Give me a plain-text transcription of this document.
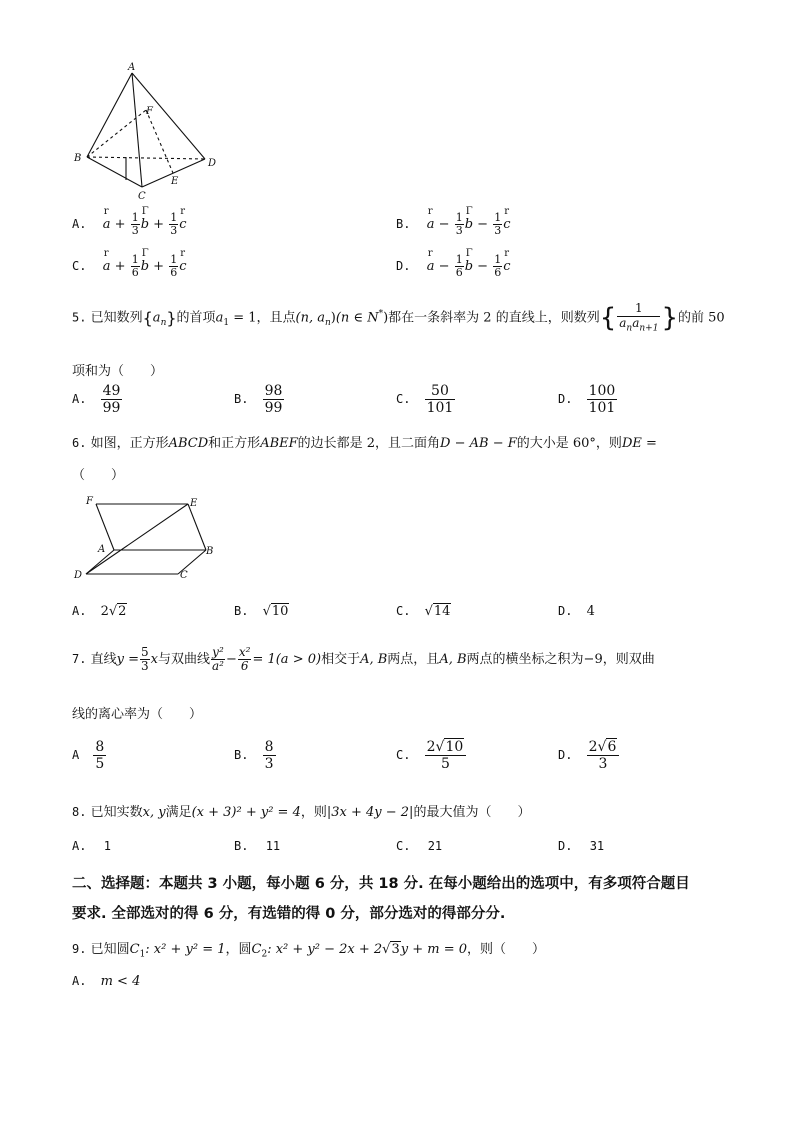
A
F
B	D
E
C
A. r $a + \frac{1}{3}$ Γ $b + \frac{1}{3}$ r c	B. r $a - \frac{1}{3}$ Γ $b - \frac{1}{3}$ r c
C. r $a + \frac{1}{6}$ Γ $b + \frac{1}{6}$ r c	D. r $a - \frac{1}{6}$ Γ $b - \frac{1}{6}$ r c
5. 已知数列$\{a_n\}$的首项$a_1 = 1$，且点(n, $a_n)(n$ ∈ N*)都在一条斜率为 2 的直线上，则数列{ $\frac{1}{a_na_{n+1}}$ }的前 50
项和为（　　）
A. $\frac{49}{99}$	B. $\frac{98}{99}$	C. $\frac{50}{101}$	D. $\frac{100}{101}$
6. 如图，正方形ABCD和正方形ABEF的边长都是 2，且二面角D − AB − F的大小是 60°，则DE =
（　　）
F	E
A	B
D	C
A. 2√2	B. √10	C. √14	D. 4
7. 直线$y = \frac{5}{3}$ x与双曲线 $\frac{\text{y²}}{\text{a²}} - \frac{\text{x²}}{6} = 1(a > 0)$相交于A, B两点，且A, B两点的横坐标之积为−9，则双曲
线的离心率为（　　）
A $\frac{8}{5}$	B. $\frac{8}{3}$	C. $\frac{2√10}{5}$	D. $\frac{2√6}{3}$
8. 已知实数x, y满足(x + 3)² + y² = 4，则|3x + 4y − 2|的最大值为（　　）
A. 1	B. 11	C. 21	D. 31
二、选择题：本题共 3 小题，每小题 6 分，共 18 分. 在每小题给出的选项中，有多项符合题目
要求. 全部选对的得 6 分，有选错的得 0 分，部分选对的得部分分.
9. 已知圆$C_1$: x² + y² = 1，圆$C_2$: x² + y² − 2x + 2√3y + m = 0，则（　　）
A. m < 4
